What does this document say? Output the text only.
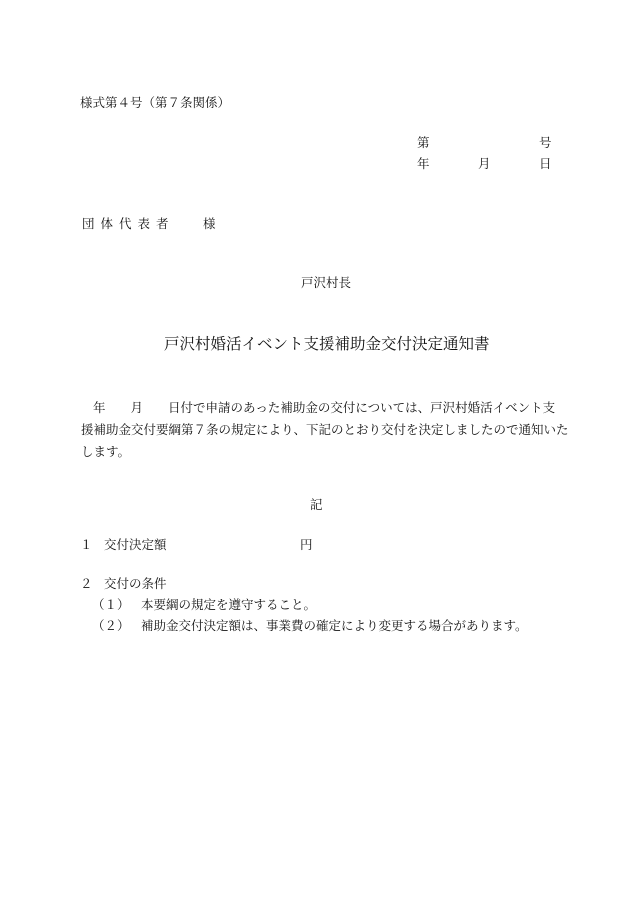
様式第４号（第７条関係）
第	号
年	月	日
団体代表者 様
戸沢村長
戸沢村婚活イベント支援補助金交付決定通知書
年　　月　　日付で申請のあった補助金の交付については、戸沢村婚活イベント支
援補助金交付要綱第７条の規定により、下記のとおり交付を決定しましたので通知いた
します。
記
１ 交付決定額	円
２ 交付の条件
（１） 本要綱の規定を遵守すること。
（２） 補助金交付決定額は、事業費の確定により変更する場合があります。
